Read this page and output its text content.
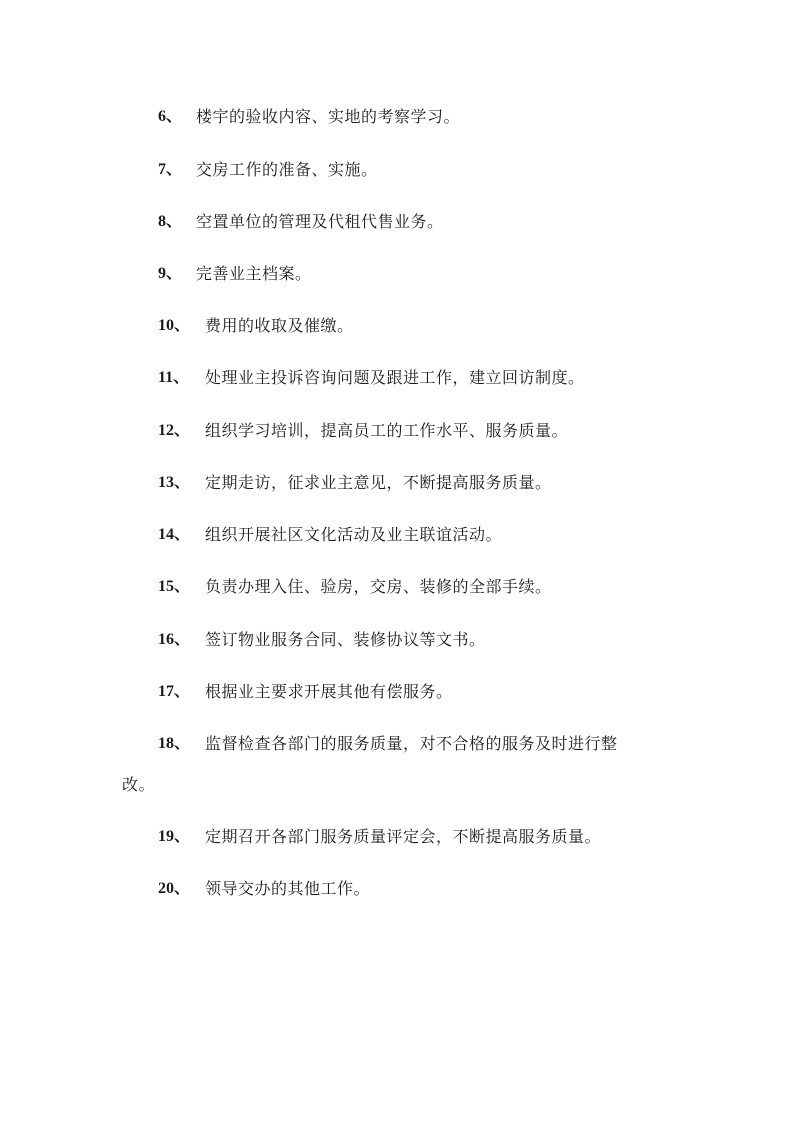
6、 楼宇的验收内容、实地的考察学习。
7、 交房工作的准备、实施。
8、 空置单位的管理及代租代售业务。
9、 完善业主档案。
10、 费用的收取及催缴。
11、 处理业主投诉咨询问题及跟进工作，建立回访制度。
12、 组织学习培训，提高员工的工作水平、服务质量。
13、 定期走访，征求业主意见，不断提高服务质量。
14、 组织开展社区文化活动及业主联谊活动。
15、 负责办理入住、验房，交房、装修的全部手续。
16、 签订物业服务合同、装修协议等文书。
17、 根据业主要求开展其他有偿服务。
18、 监督检查各部门的服务质量，对不合格的服务及时进行整
改。
19、 定期召开各部门服务质量评定会，不断提高服务质量。
20、 领导交办的其他工作。
